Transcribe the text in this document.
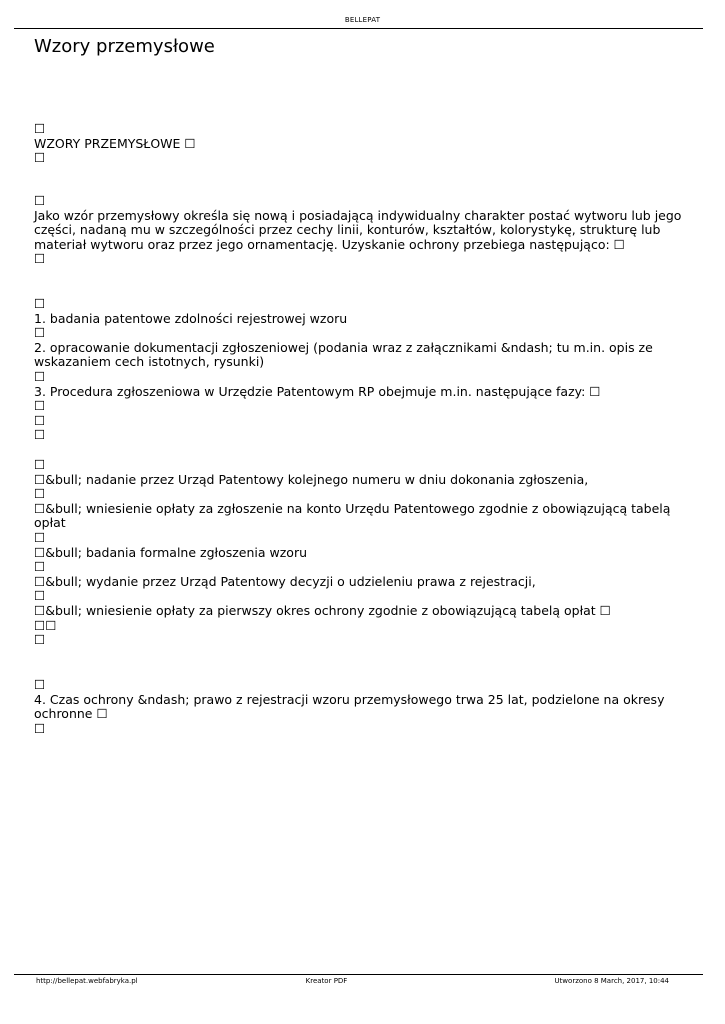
BELLEPAT
Wzory przemysłowe
☐
WZORY PRZEMYSŁOWE ☐
☐
☐
Jako wzór przemysłowy określa się nową i posiadającą indywidualny charakter postać wytworu lub jego
części, nadaną mu w szczególności przez cechy linii, konturów, kształtów, kolorystykę, strukturę lub
materiał wytworu oraz przez jego ornamentację. Uzyskanie ochrony przebiega następująco: ☐
☐
☐
1. badania patentowe zdolności rejestrowej wzoru
☐
2. opracowanie dokumentacji zgłoszeniowej (podania wraz z załącznikami &ndash; tu m.in. opis ze
wskazaniem cech istotnych, rysunki)
☐
3. Procedura zgłoszeniowa w Urzędzie Patentowym RP obejmuje m.in. następujące fazy: ☐
☐
☐
☐
☐
☐&bull; nadanie przez Urząd Patentowy kolejnego numeru w dniu dokonania zgłoszenia,
☐
☐&bull; wniesienie opłaty za zgłoszenie na konto Urzędu Patentowego zgodnie z obowiązującą tabelą
opłat
☐
☐&bull; badania formalne zgłoszenia wzoru
☐
☐&bull; wydanie przez Urząd Patentowy decyzji o udzieleniu prawa z rejestracji,
☐
☐&bull; wniesienie opłaty za pierwszy okres ochrony zgodnie z obowiązującą tabelą opłat ☐
☐☐
☐
☐
4. Czas ochrony &ndash; prawo z rejestracji wzoru przemysłowego trwa 25 lat, podzielone na okresy
ochronne ☐
☐
http://bellepat.webfabryka.pl	Kreator PDF	Utworzono 8 March, 2017, 10:44
